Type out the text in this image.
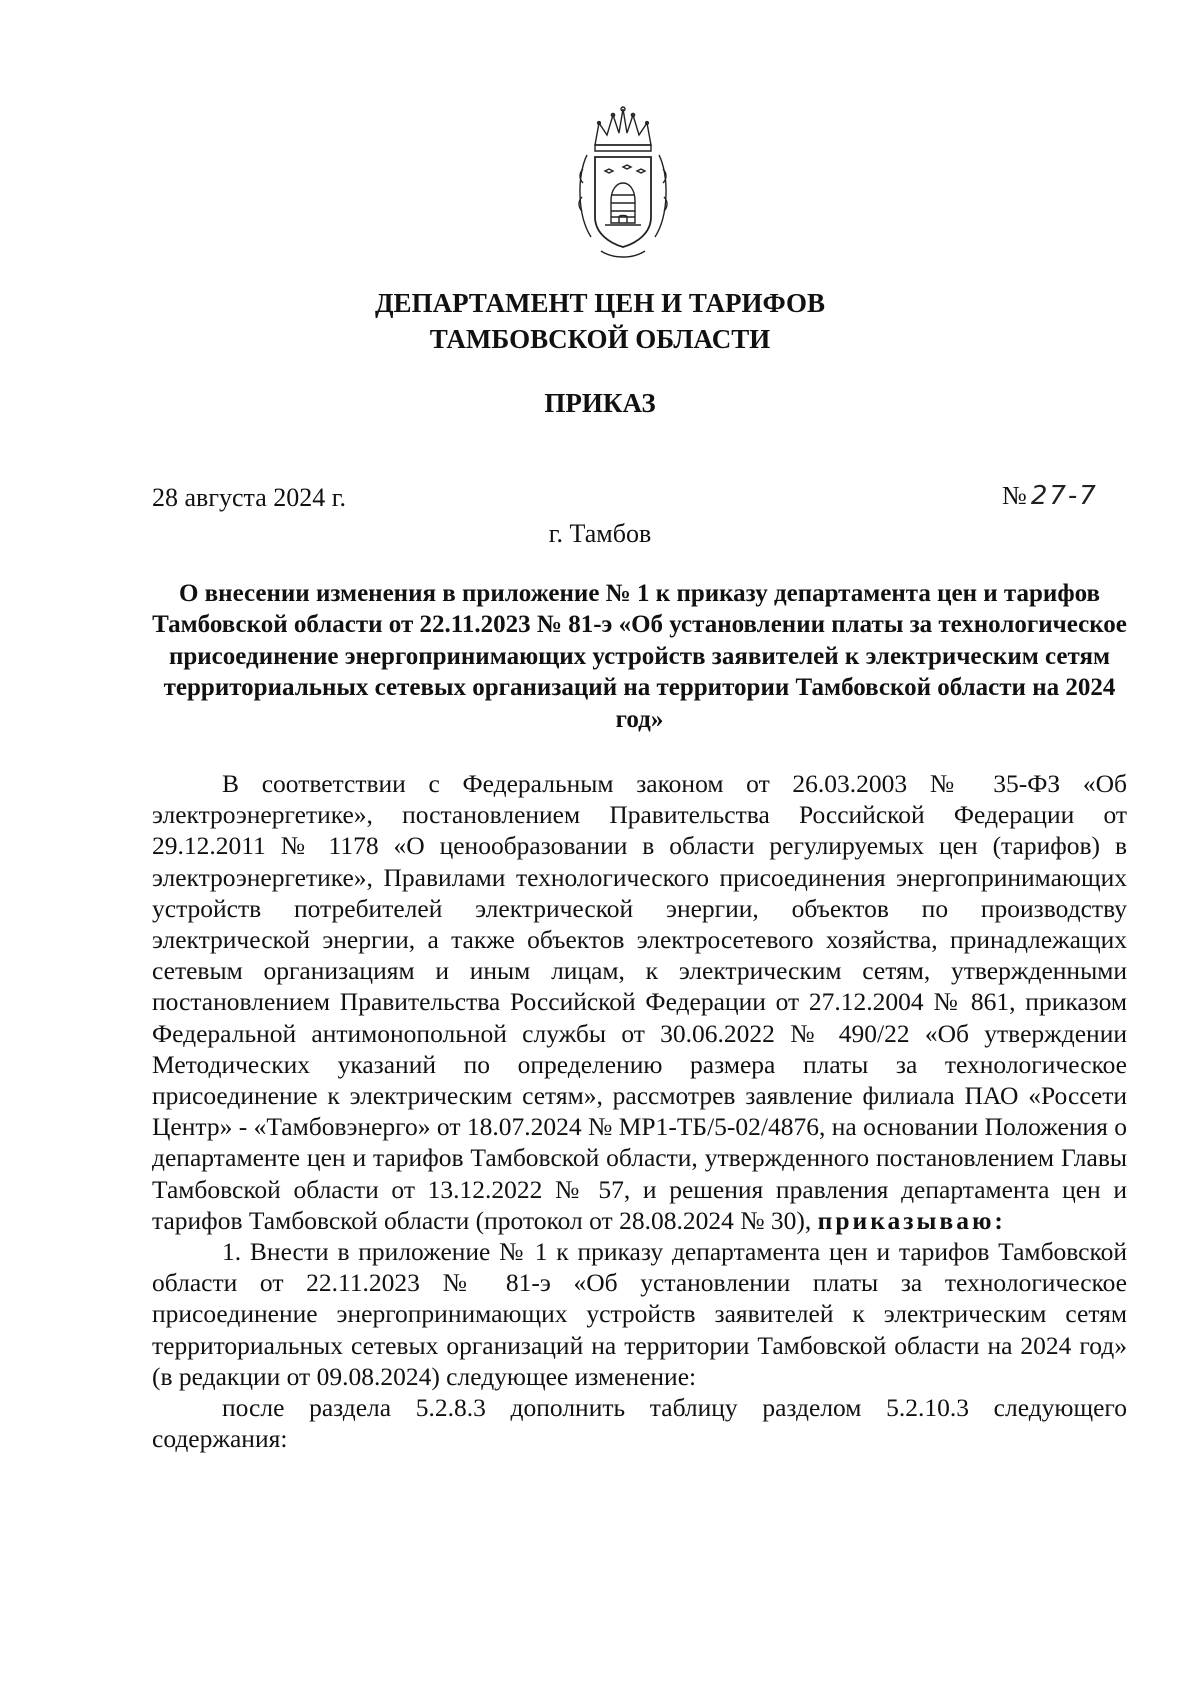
ДЕПАРТАМЕНТ ЦЕН И ТАРИФОВ
ТАМБОВСКОЙ ОБЛАСТИ
ПРИКАЗ
28 августа 2024 г.	№ 27-7
г. Тамбов
О внесении изменения в приложение № 1 к приказу департамента цен и тарифов Тамбовской области от 22.11.2023 № 81-э «Об установлении платы за технологическое присоединение энергопринимающих устройств заявителей к электрическим сетям территориальных сетевых организаций на территории Тамбовской области на 2024 год»

В соответствии с Федеральным законом от 26.03.2003 № 35-ФЗ «Об электроэнергетике», постановлением Правительства Российской Федерации от 29.12.2011 № 1178 «О ценообразовании в области регулируемых цен (тарифов) в электроэнергетике», Правилами технологического присоединения энергопринимающих устройств потребителей электрической энергии, объектов по производству электрической энергии, а также объектов электросетевого хозяйства, принадлежащих сетевым организациям и иным лицам, к электрическим сетям, утвержденными постановлением Правительства Российской Федерации от 27.12.2004 № 861, приказом Федеральной антимонопольной службы от 30.06.2022 № 490/22 «Об утверждении Методических указаний по определению размера платы за технологическое присоединение к электрическим сетям», рассмотрев заявление филиала ПАО «Россети Центр» - «Тамбовэнерго» от 18.07.2024 № МР1-ТБ/5-02/4876, на основании Положения о департаменте цен и тарифов Тамбовской области, утвержденного постановлением Главы Тамбовской области от 13.12.2022 № 57, и решения правления департамента цен и тарифов Тамбовской области (протокол от 28.08.2024 № 30), приказываю:

1. Внести в приложение № 1 к приказу департамента цен и тарифов Тамбовской области от 22.11.2023 № 81-э «Об установлении платы за технологическое присоединение энергопринимающих устройств заявителей к электрическим сетям территориальных сетевых организаций на территории Тамбовской области на 2024 год» (в редакции от 09.08.2024) следующее изменение:

после раздела 5.2.8.3 дополнить таблицу разделом 5.2.10.3 следующего содержания:
